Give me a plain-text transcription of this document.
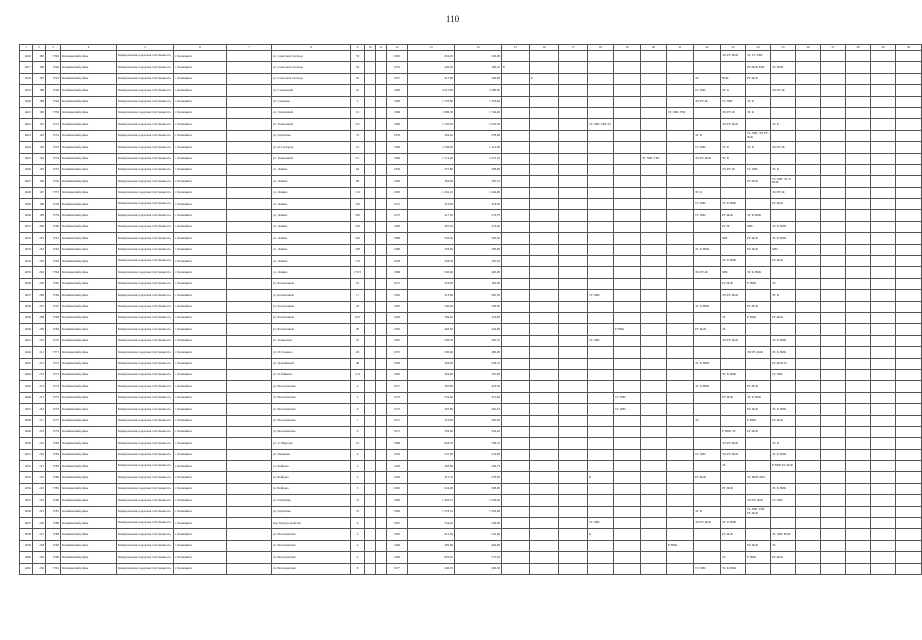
110
1	2	3	4	5	6	7	8	9	10	11	12	13	14	15	16	17	18	19	20	21	22	23	24	25	26	27	28	29	30
4616	185	5745	Калининский район	Коммунальная городская собственность	г. Калининск		ул. Советская Слобода	53			1965	452,20	326,00									ЭО РУ-Ф-Ф	ЭС ТС ХВС						
4617	186	5746	Калининский район	Коммунальная городская собственность	г. Калининск		ул. Советская Слобода	59			1955	420,40	406,10	Б									РУ-Ф-Ф ХВС	ЭС НОК					
4618	187	5745	Калининский район	Коммунальная городская собственность	г. Калининск		ул. Советская Слобода	63			1957	417,60	294,60		Б						ЭС	НОК	РУ-Ф-Ф						
4619	188	5746	Калининский район	Коммунальная городская собственность	г. Калининск		ул. Строителей	16			1996	4 215,90	3 380,00								ТС ХВС	ЭС К		ЭО РУ-Ф					
4620	189	5746	Калининский район	Коммунальная городская собственность	г. Калининск		ул. Суворова	5			1996	1 703,80	1 354,60								ЭО РУ-Ф	ТС ХВС	ЭС К						
4621	190	5750	Калининский район	Коммунальная городская собственность	г. Калининск		ул. Толмачёвой	1/1			1969	1 086,30	1 746,40							ТС ХВС ГВС		ЭО РУ-Ф	ЭС К						
4622	191	5751	Калининский район	Коммунальная городская собственность	г. Калининск		ул. Толмачёвой	3/5			1969	1 720,20	1 632,50				ТС ХВС ГВС РУ					ЭО РУ-Ф-Ф		ЭС К					
4623	192	5752	Калининский район	Коммунальная городская собственность	г. Калининск		ул. Горбачёва	74			1979	364,20	278,90								ЭС К		ТС ХВС ЭО РУ-Ф-Ф						
4624	193	5753	Калининский район	Коммунальная городская собственность	г. Калининск		ул. Я. Гаспаров	12			1996	1 546,00	1 414,00								ТС ХВС	ЭС К	ЭС К	ЭО РУ-Ф					
4625	194	5754	Калининский район	Коммунальная городская собственность	г. Калининск		ул. Толмачёвой	5/1			1969	1 714,20	1 672,50						ЭС ХВС ГВС		ЭО РУ-Ф-Ф	ЭС К							
4626	195	5755	Калининский район	Коммунальная городская собственность	г. Калининск		ул. Ленина	64			1959	375,80	298,00									ЭО РУ-Ф	ТС ХВС	ЭС К					
4627	196	5756	Калининский район	Коммунальная городская собственность	г. Калининск		ул. Ленина	68			1965	364,60	303,10										РУ-Ф-Ф	ТС ХВС ЭС К НОК					
4628	197	5757	Калининский район	Коммунальная городская собственность	г. Калининск		ул. Ленина	152			1995	1 452,10	1 344,90								ЭС К			ЭО РУ-Ф					
4629	198	5758	Калининский район	Коммунальная городская собственность	г. Калининск		ул. Ленина	156			1975	416,90	318,50								ТС ХВС	ЭС К НОК		РУ-Ф-Ф					
4630	199	5759	Калининский район	Коммунальная городская собственность	г. Калининск		ул. Ленина	160			1975	417,20	276,70								ТС ХВС	РУ-Ф-Ф	ЭС К НОК						
4631	200	5760	Калининский район	Коммунальная городская собственность	г. Калининск		ул. Ленина	164			1990	307,20	216,40									РУ-Ф	ХВС	ЭС К НОК					
4632	201	5761	Калининский район	Коммунальная городская собственность	г. Калининск		ул. Ленина	166			1986	356,30	303,30									ХВС	РУ-Ф-Ф	ЭС К НОК					
4633	202	5762	Калининский район	Коммунальная городская собственность	г. Калининск		ул. Ленина	168			1986	356,00	300,00								ЭС К НОК		РУ-Ф-Ф	ХВС					
4634	203	5763	Калининский район	Коммунальная городская собственность	г. Калининск		ул. Ленина	170			1978	458,30	305,20									ЭС К НОК		РУ-Ф-Ф					
4635	204	5764	Калининский район	Коммунальная городская собственность	г. Калининск		ул. Ленина	170/3			1986	545,40	463,00								ЭО РУ-Ф	ХВС	ЭС К НОК						
4636	205	5765	Калининский район	Коммунальная городская собственность	г. Калининск		ул. Батальонная	10			1971	378,60	364,00									РУ-Ф-Ф	Е НОК	ЭС					
4637	206	5766	Калининский район	Коммунальная городская собственность	г. Калининск		ул. Батальонная	17			1965	313,00	465,30				ТС ХВС					ЭО РУ-Ф-Ф		ЭС К					
4638	207	5767	Калининский район	Коммунальная городская собственность	г. Калининск		ул. Батальонная	18			1965	349,00	349,00								ЭС К НОК		РУ-Ф-Ф						
4639	208	5768	Калининский район	Коммунальная городская собственность	г. Калининск		ул. Батальонная	18/1			1964	399,20	324,00									ЭС	Е НОК	РУ-Ф-Ф					
4640	209	5769	Калининский район	Коммунальная городская собственность	г. Калининск		ул. Батальонная	20			1965	462,50	429,00					Е НОК			РУ-Ф-Ф	ЭС							
4641	210	5770	Калининский район	Коммунальная городская собственность	г. Калининск		ул. Затверская	10			1967	596,50	495,70				ТС ХВС					ЭО РУ-Ф-Ф		ЭС К НОК					
4642	211	5771	Калининский район	Коммунальная городская собственность	г. Калининск		ул. И. Горького	26			1975	505,40	480,00										ЭО РУ-Ф-Ф	ЭС К НОК					
4643	212	5772	Калининский район	Коммунальная городская собственность	г. Калининск		ул. Тропининой	48			1964	304,00	258,70								ЭС К НОК			РУ-Ф-Ф ТС					
4644	213	5773	Калининский район	Коммунальная городская собственность	г. Калининск		ул. Я. Бойкова	11/2			1965	364,60	307,60									ЭС К НОК		ТС ХВС					
4645	214	5774	Калининский район	Коммунальная городская собственность	г. Калининск		ул. Волочаевская	4			1971	395,80	418,50								ЭС К НОК		РУ-Ф-Ф						
4646	215	5775	Калининский район	Коммунальная городская собственность	г. Калининск		ул. Волочаевская	5			1975	554,40	515,60					ТС ХВС				РУ-Ф-Ф	ЭС К НОК						
4647	216	5776	Калининский район	Коммунальная городская собственность	г. Калининск		ул. Волочаевская	6			1975	397,90	362,10					ТС ХВС					РУ-Ф-Ф	ЭС К НОК					
4648	217	5777	Калининский район	Коммунальная городская собственность	г. Калининск		ул. Волочаевская	7			1971	519,90	495,20								ЭС		Е НОК	РУ-Ф-Ф					
4649	218	5778	Калининский район	Коммунальная городская собственность	г. Калининск		ул. Волочаевская	9			1971	356,00	326,20									Е НОК ЭС	РУ-Ф-Ф						
4650	219	5783	Калининский район	Коммунальная городская собственность	г. Калининск		ул. А. Фирсова	12			1968	828,70	768,70									ЭО РУ-Ф-Ф		ЭС К					
4651	220	5784	Калининский район	Коммунальная городская собственность	г. Калининск		ул. Пушкина	4			1976	257,00	223,00								ТС ХВС	ЭО РУ-Ф-Ф		ЭС К НОК					
4652	221	5785	Калининский район	Коммунальная городская собственность	г. Калининск		ул. Бойцова	2			1964	363,00	268,75									ЭС		Е НОК РУ-Ф-Ф					
4653	222	5786	Калининский район	Коммунальная городская собственность	г. Калининск		ул. Бойцова	3			1964	312,70	278,60				К				РУ-Ф-Ф		ЭС НОК ХВС						
4654	223	5785	Калининский район	Коммунальная городская собственность	г. Калининск		ул. Бойцова	5			1965	324,00	308,00									РУ-Ф-Ф		ЭС К НОК					
4655	224	5786	Калининский район	Коммунальная городская собственность	г. Калининск		ул. Горбачёва	72			1985	1 420,10	1 056,40										ЭО РУ-Ф-Ф	ТС ХВС					
4656	225	5787	Калининский район	Коммунальная городская собственность	г. Калининск		ул. Горбачёва	75			1982	1 578,10	1 330,00								ЭС К		ТС ХВС ГВС РУ-Ф-Ф						
4657	226	5788	Калининский район	Коммунальная городская собственность	г. Калининск		пер. Благоустройства	6			1967	554,20	549,00				ТС ХВС				ЭО РУ-Ф-Ф	ЭС К НОК							
4658	227	5789	Калининский район	Коммунальная городская собственность	г. Калининск		ул. Волочаевская	2			1965	615,50	542,00				К					РУ-Ф-Ф		ЭС ХВС НОК					
4659	228	5790	Калининский район	Коммунальная городская собственность	г. Калининск		ул. Волочаевская	4			1966	409,00	494,00							Е НОК			РУ-Ф-Ф	ЭС					
4660	229	5790	Калининский район	Коммунальная городская собственность	г. Калининск		ул. Волочаевская	4			1966	603,20	575,20									ЭС	Е НОК	РУ-Ф-Ф					
4661	230	5791	Калининский район	Коммунальная городская собственность	г. Калининск		ул. Волочаевская	8			1977	446,50	406,50								ТС ХВС	ЭС К НОК							
